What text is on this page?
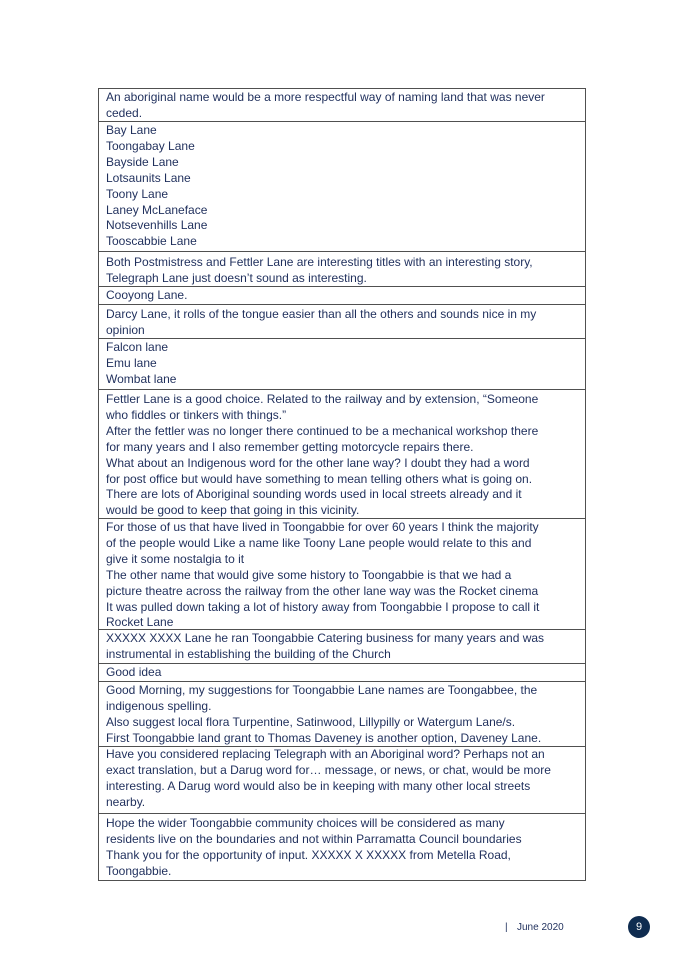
An aboriginal name would be a more respectful way of naming land that was never
ceded.
Bay Lane
Toongabay Lane
Bayside Lane
Lotsaunits Lane
Toony Lane
Laney McLaneface
Notsevenhills Lane
Tooscabbie Lane
Both Postmistress and Fettler Lane are interesting titles with an interesting story,
Telegraph Lane just doesn’t sound as interesting.
Cooyong Lane.
Darcy Lane, it rolls of the tongue easier than all the others and sounds nice in my
opinion
Falcon lane
Emu lane
Wombat lane
Fettler Lane is a good choice. Related to the railway and by extension, “Someone
who fiddles or tinkers with things.”
After the fettler was no longer there continued to be a mechanical workshop there
for many years and I also remember getting motorcycle repairs there.
What about an Indigenous word for the other lane way? I doubt they had a word
for post office but would have something to mean telling others what is going on.
There are lots of Aboriginal sounding words used in local streets already and it
would be good to keep that going in this vicinity.
For those of us that have lived in Toongabbie for over 60 years I think the majority
of the people would Like a name like Toony Lane people would relate to this and
give it some nostalgia to it
The other name that would give some history to Toongabbie is that we had a
picture theatre across the railway from the other lane way was the Rocket cinema
It was pulled down taking a lot of history away from Toongabbie I propose to call it
Rocket Lane
XXXXX XXXX Lane he ran Toongabbie Catering business for many years and was
instrumental in establishing the building of the Church
Good idea
Good Morning, my suggestions for Toongabbie Lane names are Toongabbee, the
indigenous spelling.
Also suggest local flora Turpentine, Satinwood, Lillypilly or Watergum Lane/s.
First Toongabbie land grant to Thomas Daveney is another option, Daveney Lane.
Have you considered replacing Telegraph with an Aboriginal word? Perhaps not an
exact translation, but a Darug word for… message, or news, or chat, would be more
interesting. A Darug word would also be in keeping with many other local streets
nearby.
Hope the wider Toongabbie community choices will be considered as many
residents live on the boundaries and not within Parramatta Council boundaries
Thank you for the opportunity of input. XXXXX X XXXXX from Metella Road,
Toongabbie.
| June 2020	9
